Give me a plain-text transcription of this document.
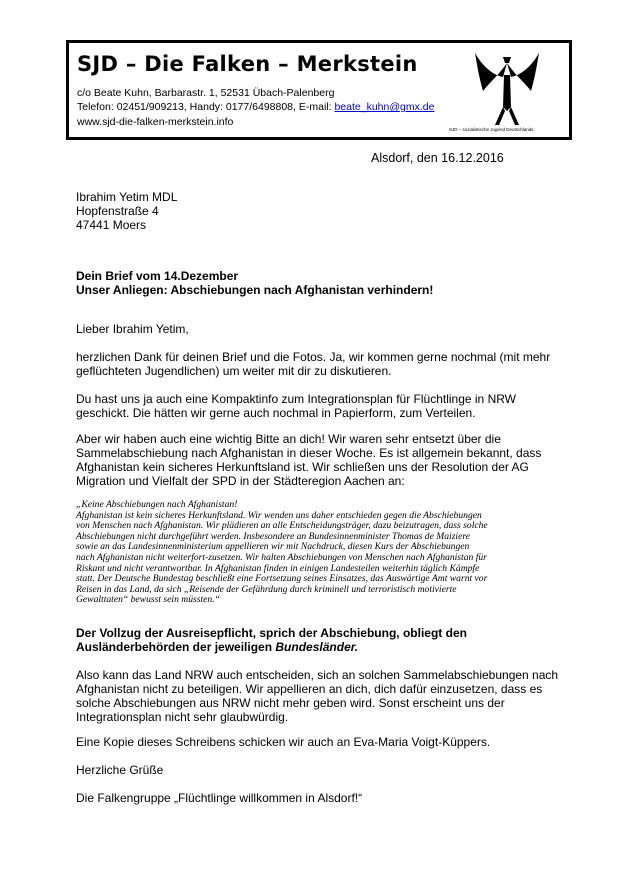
SJD – Die Falken – Merkstein
c/o Beate Kuhn, Barbarastr. 1, 52531 Übach-Palenberg
Telefon: 02451/909213, Handy: 0177/6498808, E-mail: beate_kuhn@gmx.de
www.sjd-die-falken-merkstein.info
SJD – sozialistische Jugend Deutschlands
Alsdorf, den 16.12.2016
Ibrahim Yetim MDL
Hopfenstraße 4
47441 Moers
Dein Brief vom 14.Dezember
Unser Anliegen: Abschiebungen nach Afghanistan verhindern!
Lieber Ibrahim Yetim,
herzlichen Dank für deinen Brief und die Fotos. Ja, wir kommen gerne nochmal (mit mehr
geflüchteten Jugendlichen) um weiter mit dir zu diskutieren.
Du hast uns ja auch eine Kompaktinfo zum Integrationsplan für Flüchtlinge in NRW
geschickt. Die hätten wir gerne auch nochmal in Papierform, zum Verteilen.
Aber wir haben auch eine wichtig Bitte an dich! Wir waren sehr entsetzt über die
Sammelabschiebung nach Afghanistan in dieser Woche. Es ist allgemein bekannt, dass
Afghanistan kein sicheres Herkunftsland ist. Wir schließen uns der Resolution der AG
Migration und Vielfalt der SPD in der Städteregion Aachen an:
„Keine Abschiebungen nach Afghanistan!
Afghanistan ist kein sicheres Herkunftsland. Wir wenden uns daher entschieden gegen die Abschiebungen
von Menschen nach Afghanistan. Wir plädieren an alle Entscheidungsträger, dazu beizutragen, dass solche
Abschiebungen nicht durchgeführt werden. Insbesondere an Bundesinnenminister Thomas de Maiziere
sowie an das Landesinnenministerium appellieren wir mit Nachdruck, diesen Kurs der Abschiebungen
nach Afghanistan nicht weiterfort-zusetzen. Wir halten Abschiebungen von Menschen nach Afghanistan für
Riskant und nicht verantwortbar. In Afghanistan finden in einigen Landesteilen weiterhin täglich Kämpfe
statt. Der Deutsche Bundestag beschließt eine Fortsetzung seines Einsatzes, das Auswärtige Amt warnt vor
Reisen in das Land, da sich „Reisende der Gefährdung durch kriminell und terroristisch motivierte
Gewalttaten“ bewusst sein müssten.“
Der Vollzug der Ausreisepflicht, sprich der Abschiebung, obliegt den
Ausländerbehörden der jeweiligen Bundesländer.
Also kann das Land NRW auch entscheiden, sich an solchen Sammelabschiebungen nach
Afghanistan nicht zu beteiligen. Wir appellieren an dich, dich dafür einzusetzen, dass es
solche Abschiebungen aus NRW nicht mehr geben wird. Sonst erscheint uns der
Integrationsplan nicht sehr glaubwürdig.
Eine Kopie dieses Schreibens schicken wir auch an Eva-Maria Voigt-Küppers.
Herzliche Grüße
Die Falkengruppe „Flüchtlinge willkommen in Alsdorf!“
